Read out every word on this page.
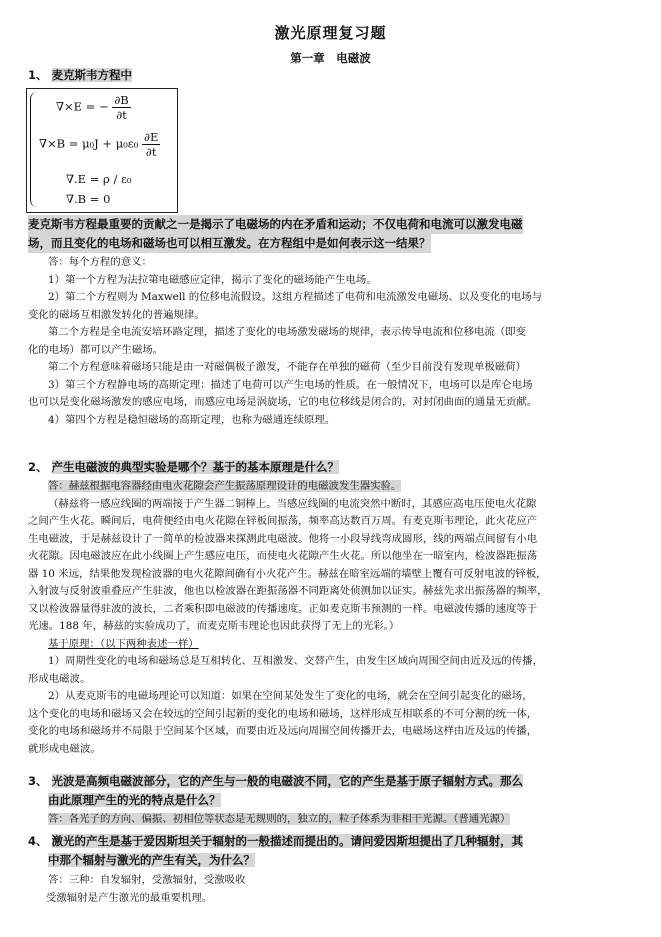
激光原理复习题
第一章　电磁波
1、 麦克斯韦方程中
∇×E = − $\frac{\partial B}{\partial t}$
$\nabla\times B = \mu_0J + \mu_0\varepsilon_0 \frac{\partial E}{\partial t}$
∇.E = ρ / ε₀
∇.B = 0
麦克斯韦方程最重要的贡献之一是揭示了电磁场的内在矛盾和运动；不仅电荷和电流可以激发电磁
场，而且变化的电场和磁场也可以相互激发。在方程组中是如何表示这一结果？
答：每个方程的意义：
1）第一个方程为法拉第电磁感应定律，揭示了变化的磁场能产生电场。
2）第二个方程则为 Maxwell 的位移电流假设。这组方程描述了电荷和电流激发电磁场、以及变化的电场与
变化的磁场互相激发转化的普遍规律。
第二个方程是全电流安培环路定理，描述了变化的电场激发磁场的规律，表示传导电流和位移电流（即变
化的电场）都可以产生磁场。
第二个方程意味着磁场只能是由一对磁偶极子激发，不能存在单独的磁荷（至少目前没有发现单极磁荷）
3）第三个方程静电场的高斯定理：描述了电荷可以产生电场的性质。在一般情况下，电场可以是库仑电场
也可以是变化磁场激发的感应电场，而感应电场是涡旋场，它的电位移线是闭合的，对封闭曲面的通量无贡献。
4）第四个方程是稳恒磁场的高斯定理，也称为磁通连续原理。
2、 产生电磁波的典型实验是哪个？基于的基本原理是什么？
答：赫兹根据电容器经由电火花隙会产生振荡原理设计的电磁波发生器实验。
（赫兹将一感应线圈的两端接于产生器二铜棒上。当感应线圈的电流突然中断时，其感应高电压使电火花隙
之间产生火花。瞬间后，电荷便经由电火花隙在锌板间振荡，频率高达数百万周。有麦克斯韦理论，此火花应产
生电磁波，于是赫兹设计了一简单的检波器来探测此电磁波。他将一小段导线弯成圆形，线的两端点间留有小电
火花隙。因电磁波应在此小线圈上产生感应电压，而使电火花隙产生火花。所以他坐在一暗室内，检波器距振荡
器 10 米远，结果他发现检波器的电火花隙间确有小火花产生。赫兹在暗室远端的墙壁上覆有可反射电波的锌板，
入射波与反射波重叠应产生驻波，他也以检波器在距振荡器不同距离处侦测加以证实。赫兹先求出振荡器的频率，
又以检波器量得驻波的波长，二者乘积即电磁波的传播速度。正如麦克斯韦预测的一样。电磁波传播的速度等于
光速。188 年，赫兹的实验成功了，而麦克斯韦理论也因此获得了无上的光彩。）
基于原理：（以下两种表述一样）
1）周期性变化的电场和磁场总是互相转化、互相激发、交替产生，由发生区域向周围空间由近及远的传播，
形成电磁波。
2）从麦克斯韦的电磁场理论可以知道：如果在空间某处发生了变化的电场，就会在空间引起变化的磁场，
这个变化的电场和磁场又会在较远的空间引起新的变化的电场和磁场，这样形成互相联系的不可分割的统一体，
变化的电场和磁场并不局限于空间某个区域，而要由近及远向周围空间传播开去，电磁场这样由近及远的传播，
就形成电磁波。
3、 光波是高频电磁波部分，它的产生与一般的电磁波不同，它的产生是基于原子辐射方式。那么
由此原理产生的光的特点是什么？
答：各光子的方向、偏振、初相位等状态是无规则的，独立的，粒子体系为非相干光源。（普通光源）
4、 激光的产生是基于爱因斯坦关于辐射的一般描述而提出的。请问爱因斯坦提出了几种辐射，其
中那个辐射与激光的产生有关，为什么？
答：三种：自发辐射，受激辐射，受激吸收
受激辐射是产生激光的最重要机理。
